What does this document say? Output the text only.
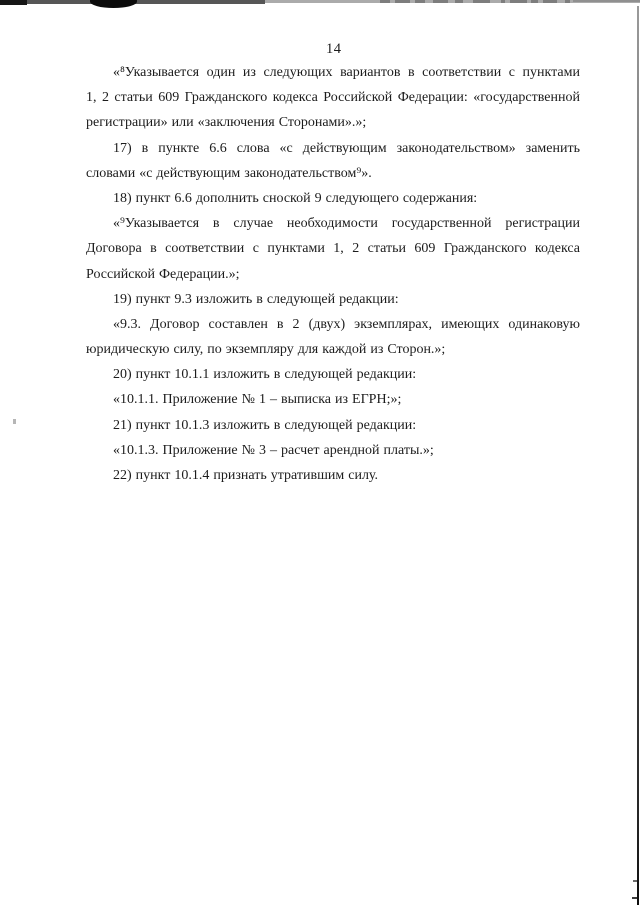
14
«⁸Указывается один из следующих вариантов в соответствии с пунктами
1, 2 статьи 609 Гражданского кодекса Российской Федерации: «государственной
регистрации» или «заключения Сторонами».»;
17) в пункте 6.6 слова «с действующим законодательством» заменить
словами «с действующим законодательством⁹».
18) пункт 6.6 дополнить сноской 9 следующего содержания:
«⁹Указывается в случае необходимости государственной регистрации
Договора в соответствии с пунктами 1, 2 статьи 609 Гражданского кодекса
Российской Федерации.»;
19) пункт 9.3 изложить в следующей редакции:
«9.3. Договор составлен в 2 (двух) экземплярах, имеющих одинаковую
юридическую силу, по экземпляру для каждой из Сторон.»;
20) пункт 10.1.1 изложить в следующей редакции:
«10.1.1. Приложение № 1 – выписка из ЕГРН;»;
21) пункт 10.1.3 изложить в следующей редакции:
«10.1.3. Приложение № 3 – расчет арендной платы.»;
22) пункт 10.1.4 признать утратившим силу.
